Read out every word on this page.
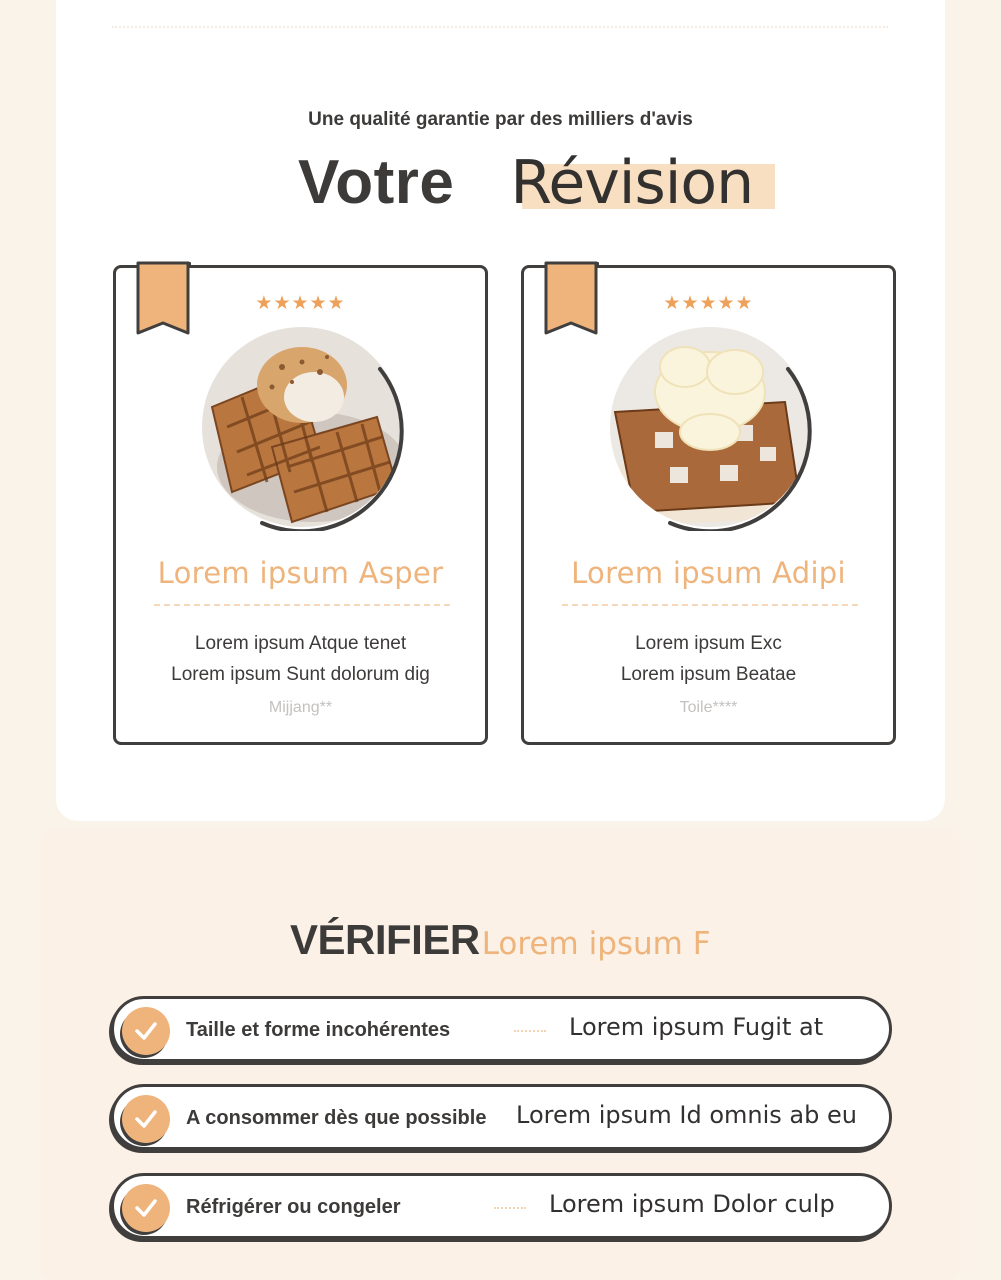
Une qualité garantie par des milliers d'avis
Votre Révision
★★★★★
Lorem ipsum Asper
Lorem ipsum Atque tenet
Lorem ipsum Sunt dolorum dig
Mijjang**
★★★★★
Lorem ipsum Adipi
Lorem ipsum Exc
Lorem ipsum Beatae
Toile****
VÉRIFIER Lorem ipsum F
Taille et forme incohérentes	Lorem ipsum Fugit at
A consommer dès que possible Lorem ipsum Id omnis ab eu
Réfrigérer ou congeler	Lorem ipsum Dolor culp
